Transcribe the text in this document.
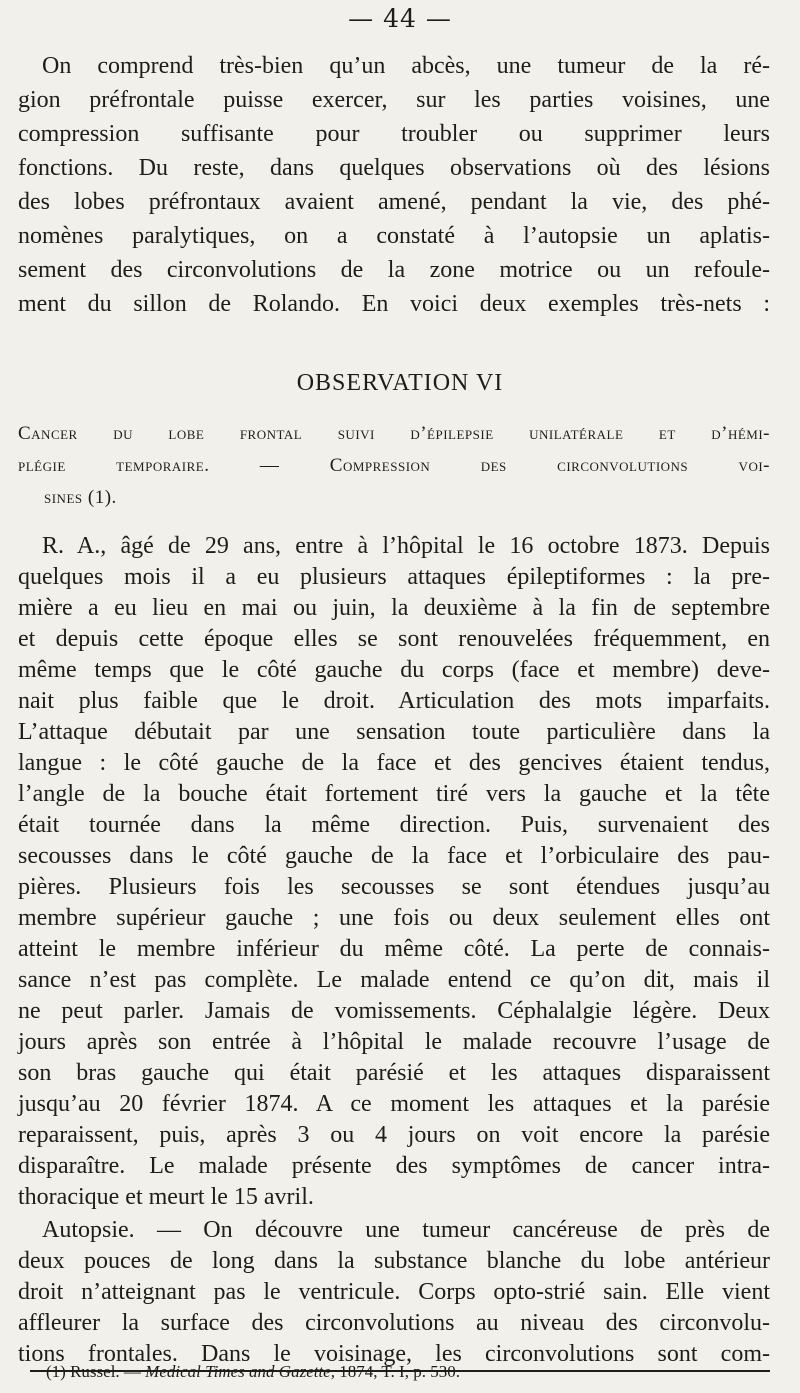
— 44 —
On comprend très-bien qu’un abcès, une tumeur de la ré-
gion préfrontale puisse exercer, sur les parties voisines, une
compression suffisante pour troubler ou supprimer leurs
fonctions. Du reste, dans quelques observations où des lésions
des lobes préfrontaux avaient amené, pendant la vie, des phé-
nomènes paralytiques, on a constaté à l’autopsie un aplatis-
sement des circonvolutions de la zone motrice ou un refoule-
ment du sillon de Rolando. En voici deux exemples très-nets :
OBSERVATION VI
Cancer du lobe frontal suivi d’épilepsie unilatérale et d’hémi-
plégie temporaire. — Compression des circonvolutions voi-
sines (1).
R. A., âgé de 29 ans, entre à l’hôpital le 16 octobre 1873. Depuis
quelques mois il a eu plusieurs attaques épileptiformes : la pre-
mière a eu lieu en mai ou juin, la deuxième à la fin de septembre
et depuis cette époque elles se sont renouvelées fréquemment, en
même temps que le côté gauche du corps (face et membre) deve-
nait plus faible que le droit. Articulation des mots imparfaits.
L’attaque débutait par une sensation toute particulière dans la
langue : le côté gauche de la face et des gencives étaient tendus,
l’angle de la bouche était fortement tiré vers la gauche et la tête
était tournée dans la même direction. Puis, survenaient des
secousses dans le côté gauche de la face et l’orbiculaire des pau-
pières. Plusieurs fois les secousses se sont étendues jusqu’au
membre supérieur gauche ; une fois ou deux seulement elles ont
atteint le membre inférieur du même côté. La perte de connais-
sance n’est pas complète. Le malade entend ce qu’on dit, mais il
ne peut parler. Jamais de vomissements. Céphalalgie légère. Deux
jours après son entrée à l’hôpital le malade recouvre l’usage de
son bras gauche qui était parésié et les attaques disparaissent
jusqu’au 20 février 1874. A ce moment les attaques et la parésie
reparaissent, puis, après 3 ou 4 jours on voit encore la parésie
disparaître. Le malade présente des symptômes de cancer intra-
thoracique et meurt le 15 avril.
Autopsie. — On découvre une tumeur cancéreuse de près de
deux pouces de long dans la substance blanche du lobe antérieur
droit n’atteignant pas le ventricule. Corps opto-strié sain. Elle vient
affleurer la surface des circonvolutions au niveau des circonvolu-
tions frontales. Dans le voisinage, les circonvolutions sont com-
(1) Russel. — Medical Times and Gazette, 1874, T. I, p. 530.
